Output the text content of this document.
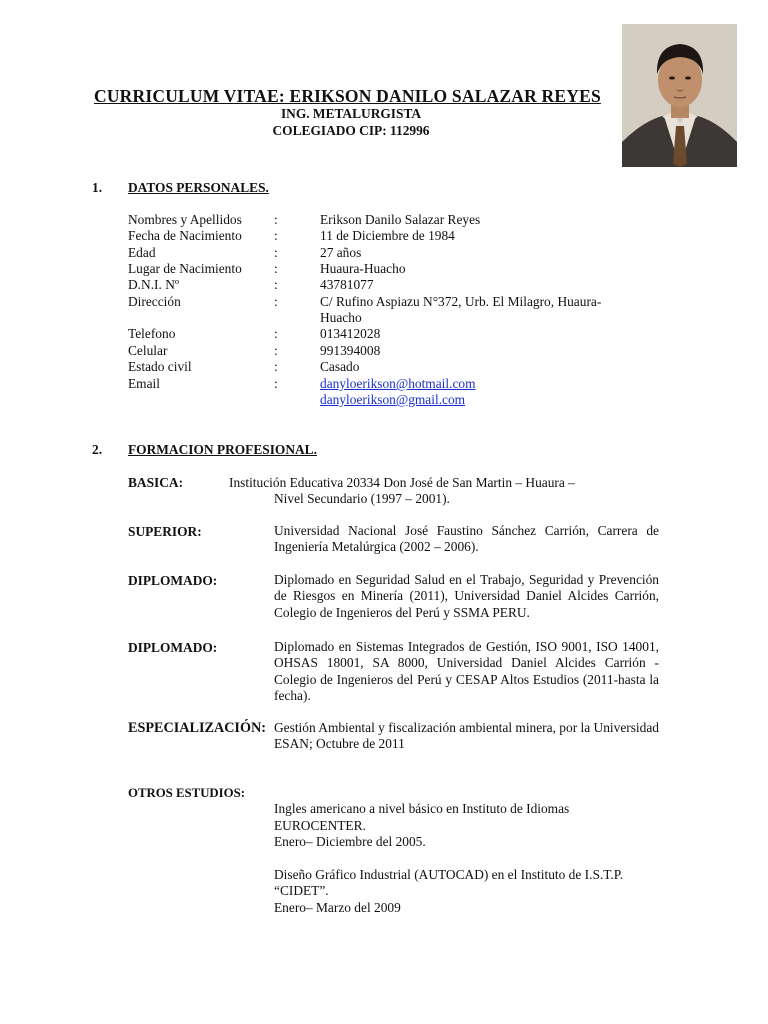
CURRICULUM VITAE: ERIKSON DANILO SALAZAR REYES
ING. METALURGISTA
COLEGIADO CIP: 112996
1. DATOS PERSONALES.
Nombres y Apellidos :	Erikson Danilo Salazar Reyes
Fecha de Nacimiento :	11 de Diciembre de 1984
Edad	:	27 años
Lugar de Nacimiento :	Huaura-Huacho
D.N.I. Nº	:	43781077
Dirección	:	C/ Rufino Aspiazu N°372, Urb. El Milagro, Huaura-
Huacho
Telefono	:	013412028
Celular	:	991394008
Estado civil	:	Casado
Email	:	danyloerikson@hotmail.com
danyloerikson@gmail.com
2. FORMACION PROFESIONAL.
BASICA:	Institución Educativa 20334 Don José de San Martin – Huaura –
Nivel Secundario (1997 – 2001).
SUPERIOR:	Universidad Nacional José Faustino Sánchez Carrión, Carrera de Ingeniería Metalúrgica (2002 – 2006).
DIPLOMADO:	Diplomado en Seguridad Salud en el Trabajo, Seguridad y Prevención de Riesgos en Minería (2011), Universidad Daniel Alcides Carrión, Colegio de Ingenieros del Perú y SSMA PERU.
DIPLOMADO:	Diplomado en Sistemas Integrados de Gestión, ISO 9001, ISO 14001, OHSAS 18001, SA 8000, Universidad Daniel Alcides Carrión - Colegio de Ingenieros del Perú y CESAP Altos Estudios (2011-hasta la fecha).
ESPECIALIZACIÓN: Gestión Ambiental y fiscalización ambiental minera, por la Universidad ESAN; Octubre de 2011
OTROS ESTUDIOS:
Ingles americano a nivel básico en Instituto de Idiomas
EUROCENTER.
Enero– Diciembre del 2005.
Diseño Gráfico Industrial (AUTOCAD) en el Instituto de I.S.T.P.
“CIDET”.
Enero– Marzo del 2009
